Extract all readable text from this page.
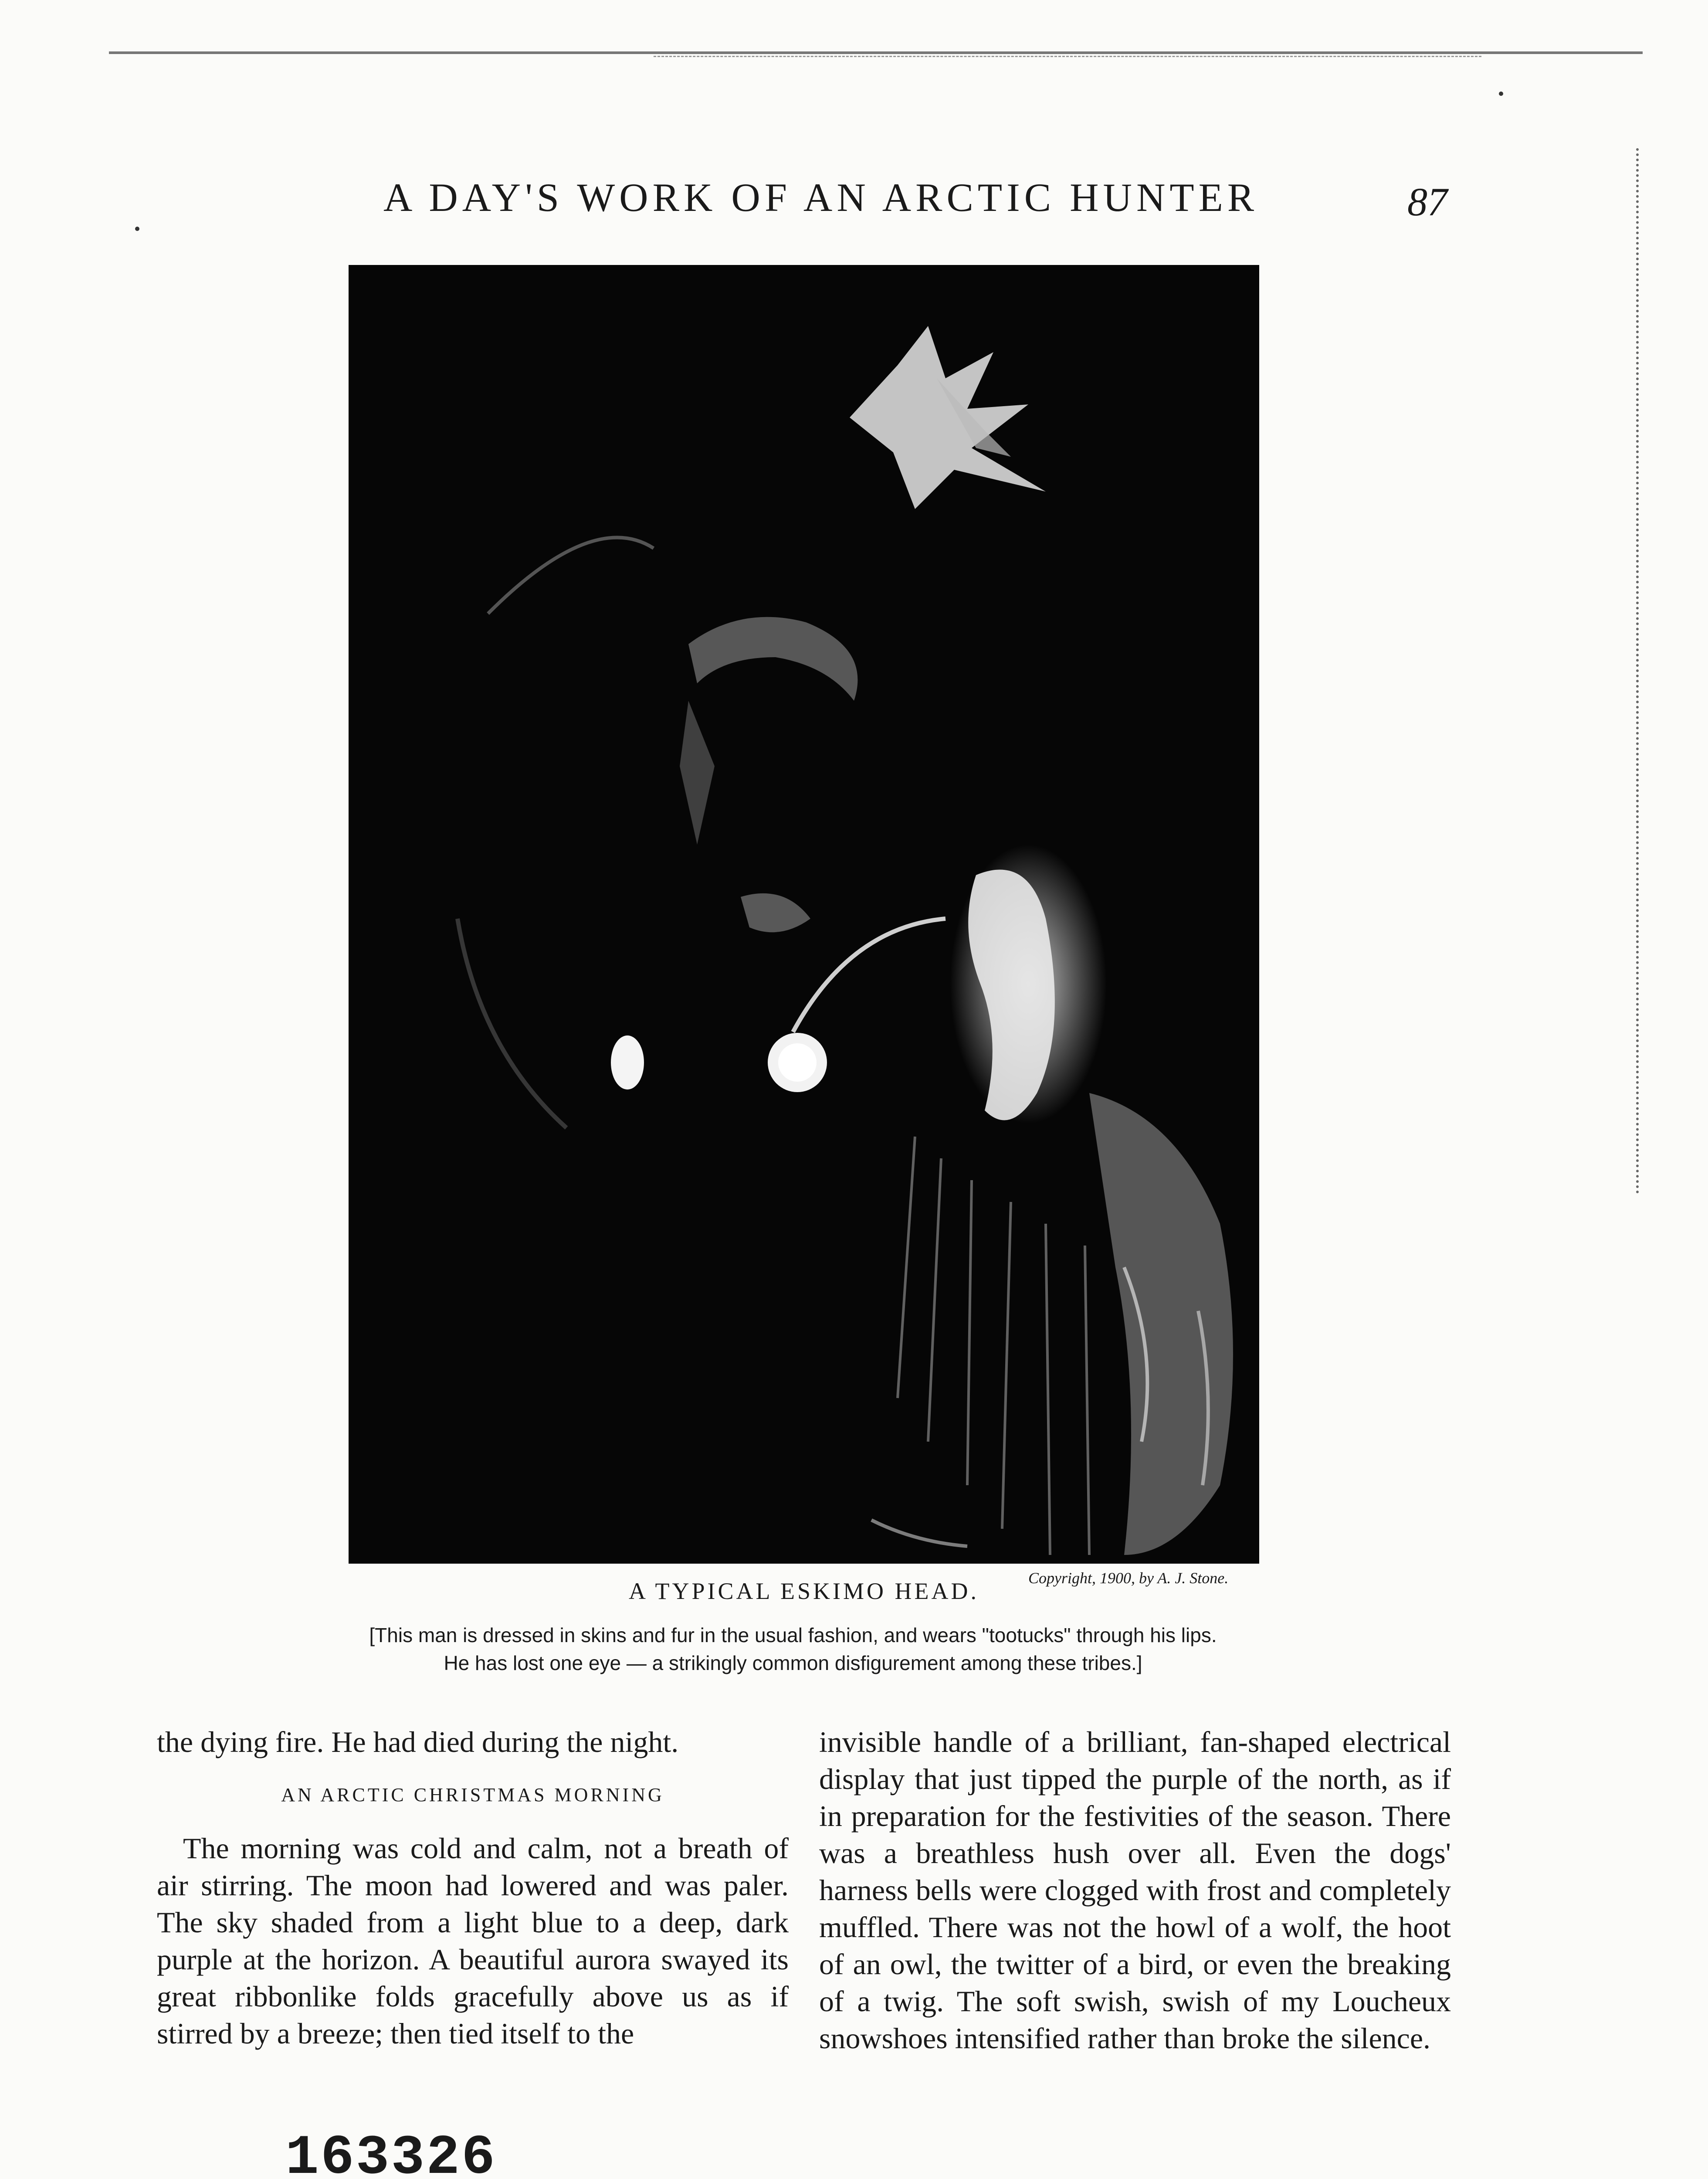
A DAY'S WORK OF AN ARCTIC HUNTER	87
Copyright, 1900, by A. J. Stone.
A TYPICAL ESKIMO HEAD.
[This man is dressed in skins and fur in the usual fashion, and wears "tootucks" through his lips.
He has lost one eye — a strikingly common disfigurement among these tribes.]

the dying fire. He had died during the night.

AN ARCTIC CHRISTMAS MORNING

The morning was cold and calm, not a breath of air stirring. The moon had lowered and was paler. The sky shaded from a light blue to a deep, dark purple at the horizon. A beautiful aurora swayed its great ribbonlike folds gracefully above us as if stirred by a breeze; then tied itself to the

invisible handle of a brilliant, fan-shaped electrical display that just tipped the purple of the north, as if in preparation for the festivities of the season. There was a breathless hush over all. Even the dogs' harness bells were clogged with frost and completely muffled. There was not the howl of a wolf, the hoot of an owl, the twitter of a bird, or even the breaking of a twig. The soft swish, swish of my Loucheux snowshoes intensified rather than broke the silence.

163326
